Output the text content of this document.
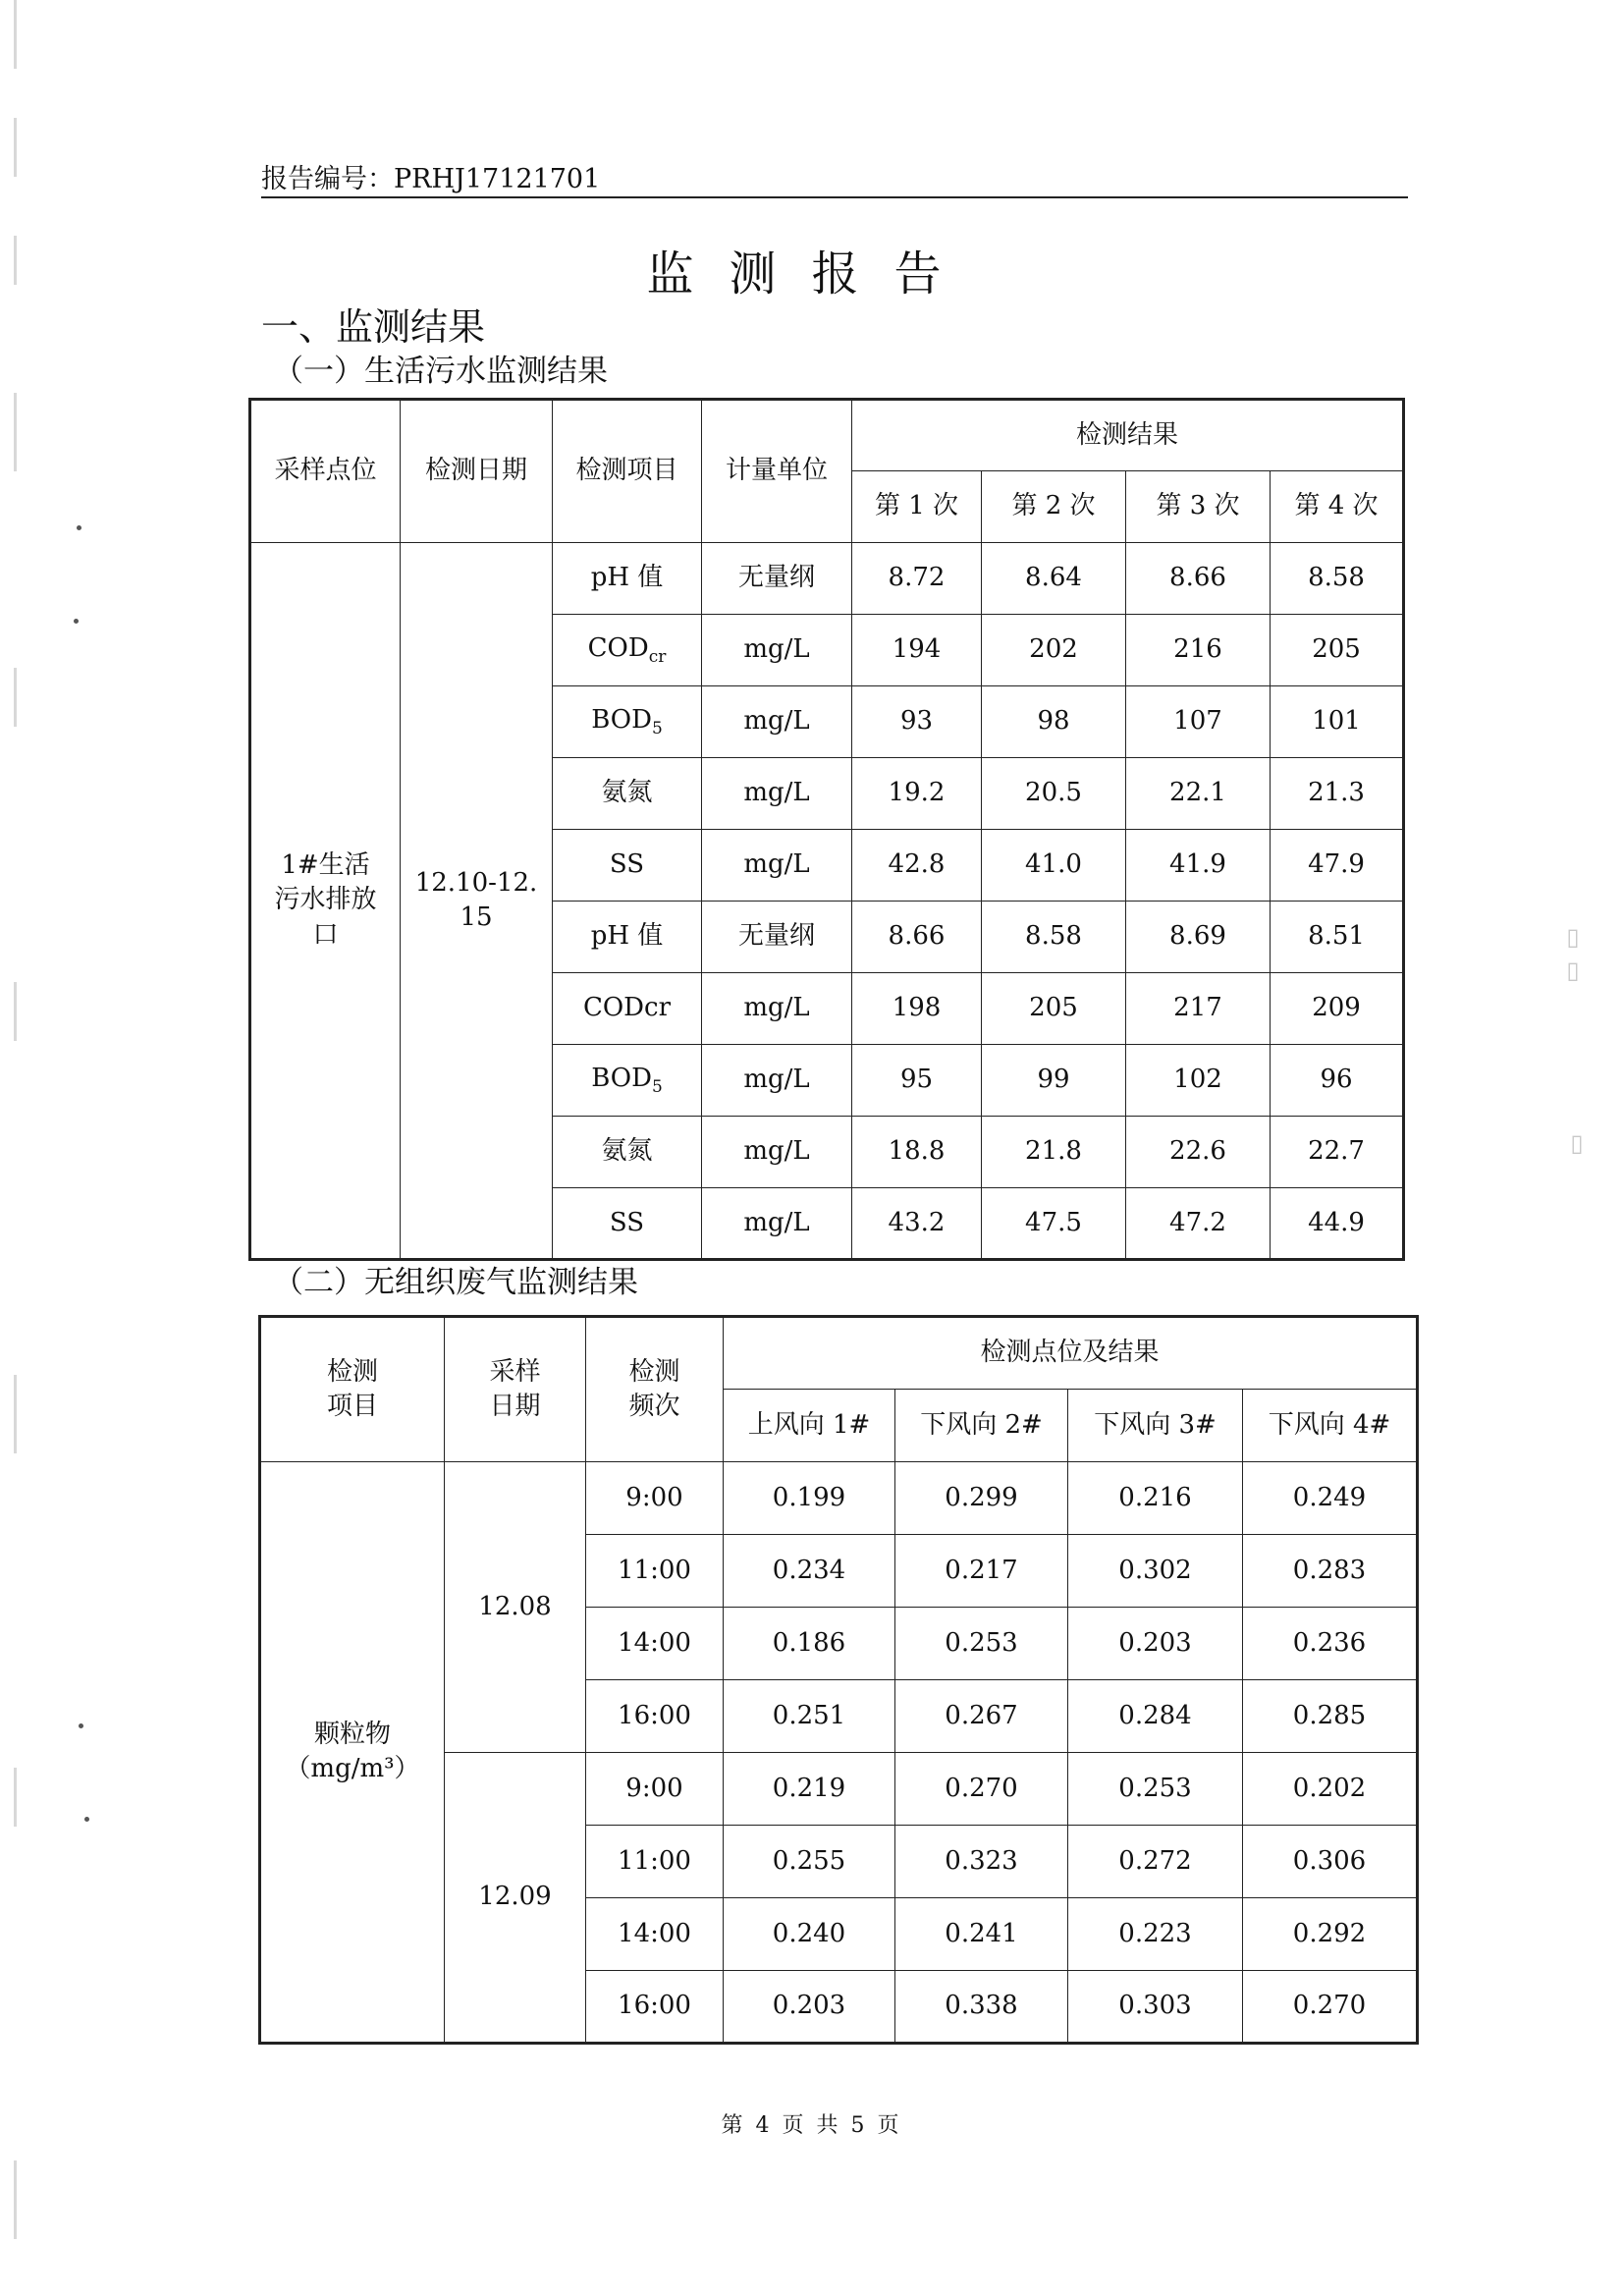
▯▯
▯
报告编号：PRHJ17121701
监测报告
一、监测结果
（一）生活污水监测结果
采样点位	检测日期	检测项目	计量单位	检测结果			
				第 1 次	第 2 次	第 3 次	第 4 次
1#生活污水排放口	12.10-12.15	pH 值	无量纲	8.72	8.64	8.66	8.58
		$COD_{cr}$	mg/L	194	202	216	205
		$BOD_5$	mg/L	93	98	107	101
		氨氮	mg/L	19.2	20.5	22.1	21.3
		SS	mg/L	42.8	41.0	41.9	47.9
		pH 值	无量纲	8.66	8.58	8.69	8.51
		CODcr	mg/L	198	205	217	209
		$BOD_5$	mg/L	95	99	102	96
		氨氮	mg/L	18.8	21.8	22.6	22.7
		SS	mg/L	43.2	47.5	47.2	44.9
（二）无组织废气监测结果
检测项目	采样日期	检测频次	检测点位及结果			
			上风向 1#	下风向 2#	下风向 3#	下风向 4#

颗粒物
（mg/m³）	12.08	9:00	0.199	0.299	0.216	0.249
		11:00	0.234	0.217	0.302	0.283
		14:00	0.186	0.253	0.203	0.236
		16:00	0.251	0.267	0.284	0.285
	12.09	9:00	0.219	0.270	0.253	0.202
		11:00	0.255	0.323	0.272	0.306
		14:00	0.240	0.241	0.223	0.292
		16:00	0.203	0.338	0.303	0.270
第 4 页 共 5 页
